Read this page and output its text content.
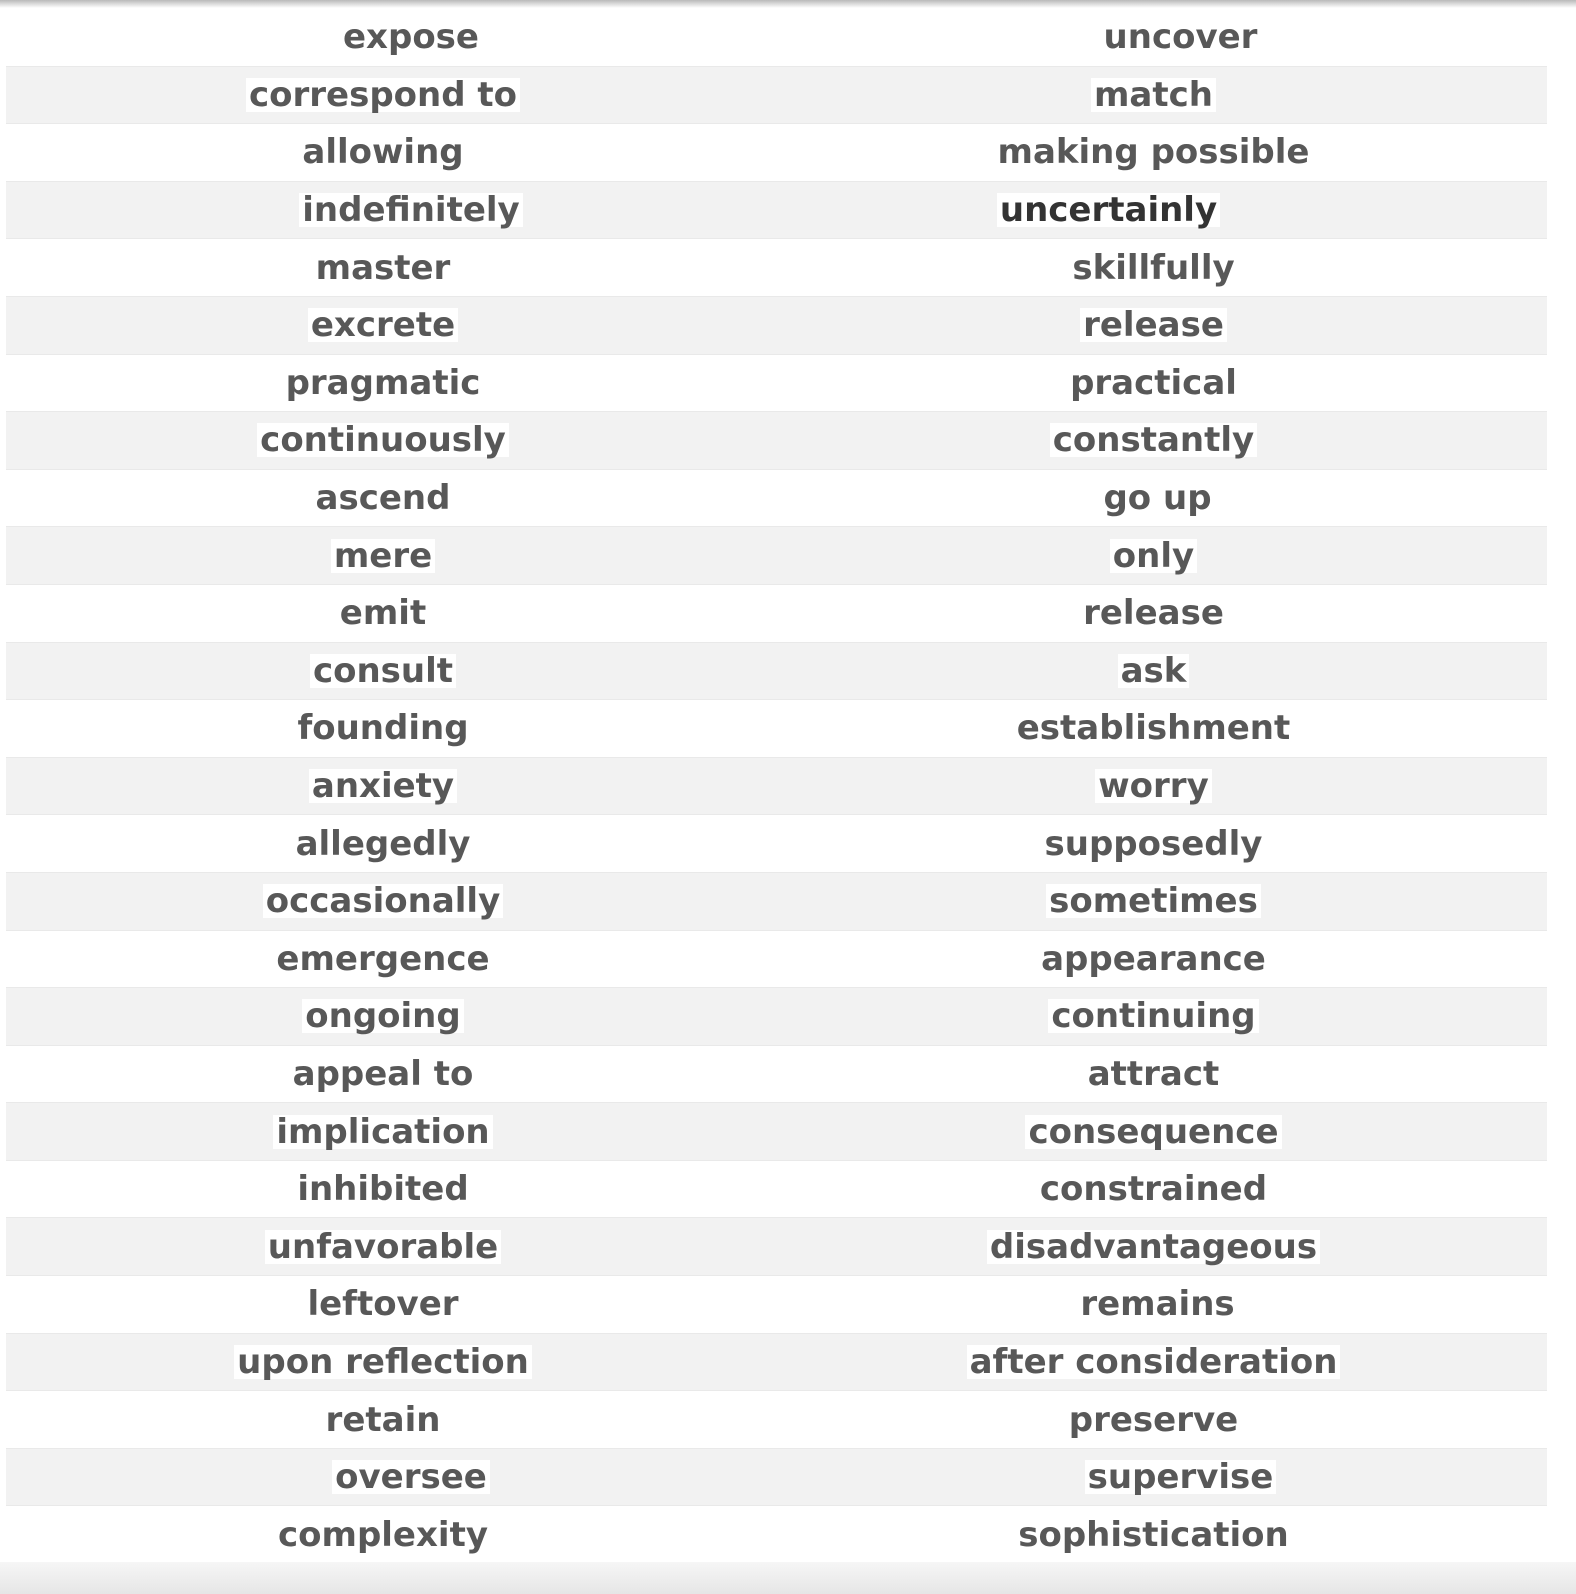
expose	uncover
correspond to	match
allowing	making possible
indefinitely	uncertainly
master	skillfully
excrete	release
pragmatic	practical
continuously	constantly
ascend	go up
mere	only
emit	release
consult	ask
founding	establishment
anxiety	worry
allegedly	supposedly
occasionally	sometimes
emergence	appearance
ongoing	continuing
appeal to	attract
implication	consequence
inhibited	constrained
unfavorable	disadvantageous
leftover	remains
upon reflection	after consideration
retain	preserve
oversee	supervise
complexity	sophistication
